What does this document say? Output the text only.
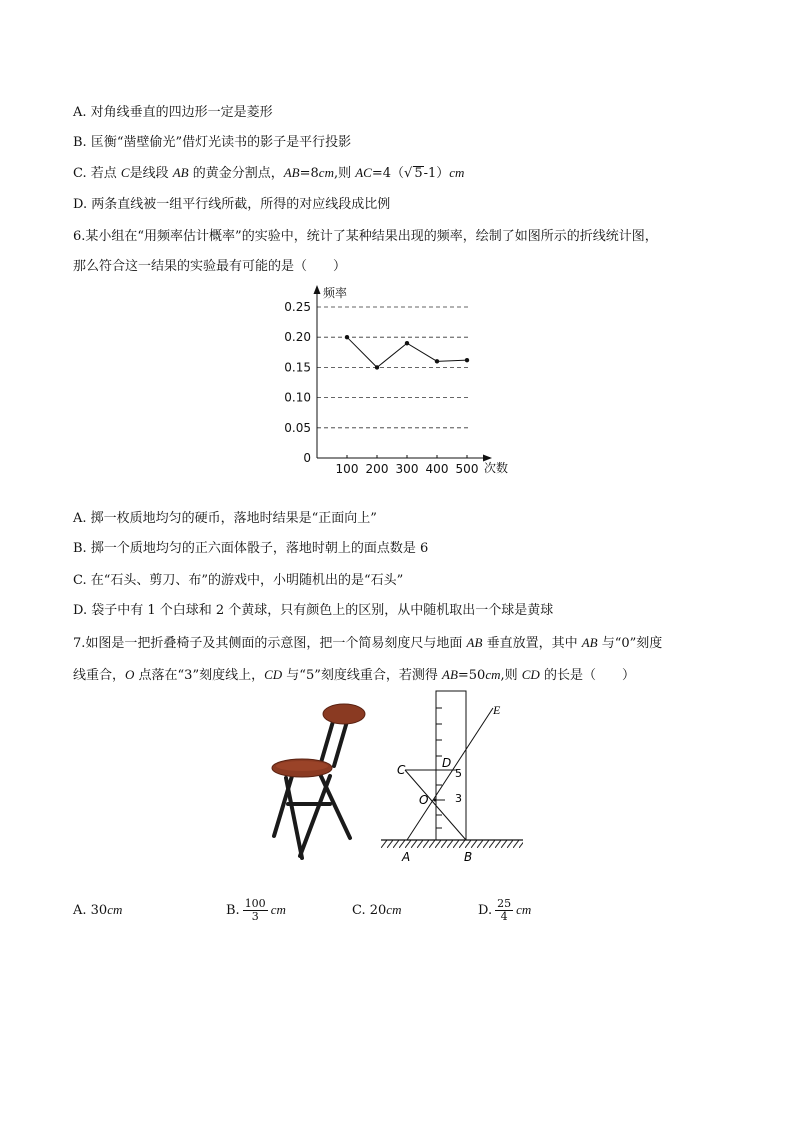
A. 对角线垂直的四边形一定是菱形
B. 匡衡“凿壁偷光”借灯光读书的影子是平行投影
C. 若点 C是线段 AB 的黄金分割点，AB=8cm,则 AC=4（√ 5-1）cm
D. 两条直线被一组平行线所截，所得的对应线段成比例
6.某小组在“用频率估计概率”的实验中，统计了某种结果出现的频率，绘制了如图所示的折线统计图，
那么符合这一结果的实验最有可能的是（　　）
频率
次数
0
0.05
0.10
0.15
0.20
0.25
100 200 300 400 500
A. 掷一枚质地均匀的硬币，落地时结果是“正面向上”
B. 掷一个质地均匀的正六面体骰子，落地时朝上的面点数是 6
C. 在“石头、剪刀、布”的游戏中，小明随机出的是“石头”
D. 袋子中有 1 个白球和 2 个黄球，只有颜色上的区别，从中随机取出一个球是黄球
7.如图是一把折叠椅子及其侧面的示意图，把一个简易刻度尺与地面 AB 垂直放置，其中 AB 与“0”刻度
线重合，O 点落在“3”刻度线上，CD 与“5”刻度线重合，若测得 AB=50cm,则 CD 的长是（　　）
E
C	D
5
O 3
A	B
A. 30cm	B. $\frac{100}{3}$ cm	C. 20cm	D. $\frac{25}{4}$ cm
